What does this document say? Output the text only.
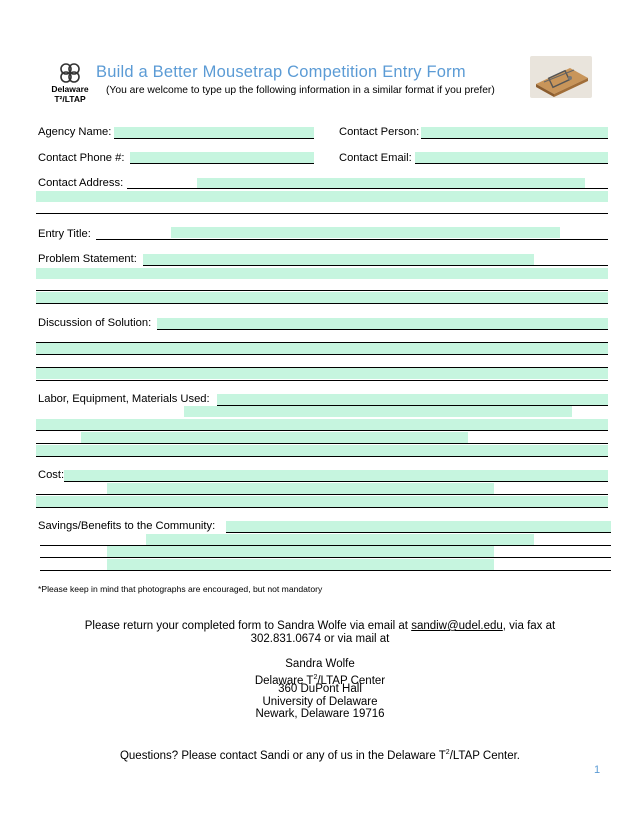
Delaware
T²/LTAP
Build a Better Mousetrap Competition Entry Form
(You are welcome to type up the following information in a similar format if you prefer)
Agency Name:	Contact Person:
Contact Phone #:	Contact Email:
Contact Address:
Entry Title:
Problem Statement:
Discussion of Solution:
Labor, Equipment, Materials Used:
Cost:
Savings/Benefits to the Community:
*Please keep in mind that photographs are encouraged, but not mandatory
Please return your completed form to Sandra Wolfe via email at sandiw@udel.edu, via fax at
302.831.0674 or via mail at
Sandra Wolfe
Delaware $T^2$/LTAP Center
360 DuPont Hall
University of Delaware
Newark, Delaware 19716
Questions? Please contact Sandi or any of us in the Delaware $T^2$/LTAP Center.
1
